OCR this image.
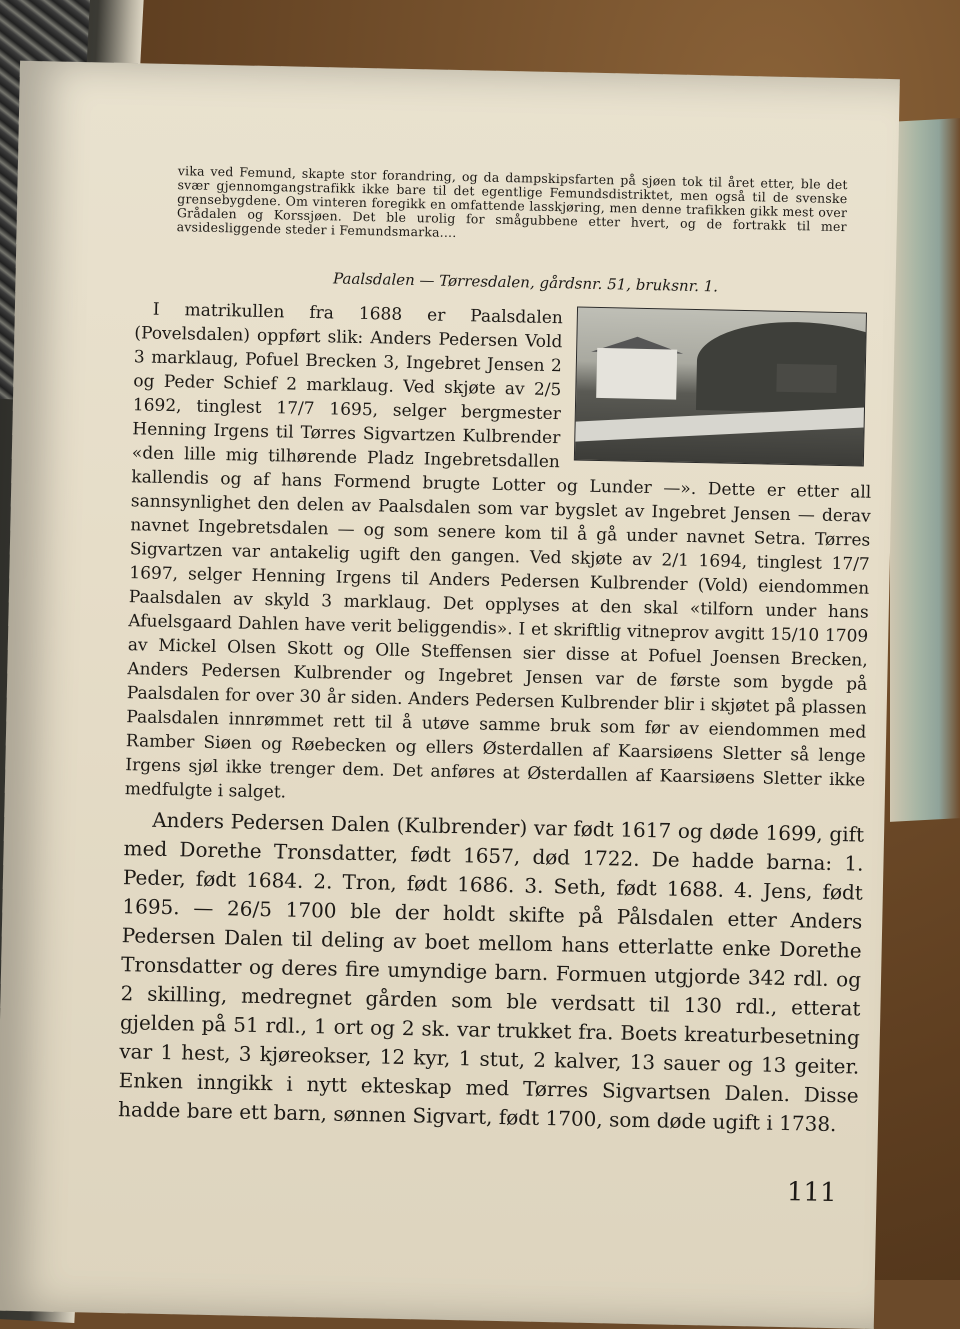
vika ved Femund, skapte stor forandring, og da dampskipsfarten på sjøen tok til året etter, ble det svær gjennomgangstrafikk ikke bare til det egentlige Femundsdistriktet, men også til de svenske grensebygdene. Om vinteren foregikk en omfattende lasskjøring, men denne trafikken gikk mest over Grådalen og Korssjøen. Det ble urolig for smågubbene etter hvert, og de fortrakk til mer avsidesliggende steder i Femundsmarka....

Paalsdalen — Tørresdalen, gårdsnr. 51, bruksnr. 1.

I matrikullen fra 1688 er Paalsdalen (Povelsdalen) oppført slik: Anders Pedersen Vold 3 marklaug, Pofuel Brecken 3, Ingebret Jensen 2 og Peder Schief 2 marklaug. Ved skjøte av 2/5 1692, tinglest 17/7 1695, selger bergmester Henning Irgens til Tørres Sigvartzen Kulbrender «den lille mig tilhørende Pladz Ingebretsdallen kallendis og af hans Formend brugte Lotter og Lunder —». Dette er etter all sannsynlighet den delen av Paalsdalen som var bygslet av Ingebret Jensen — derav navnet Ingebretsdalen — og som senere kom til å gå under navnet Setra. Tørres Sigvartzen var antakelig ugift den gangen. Ved skjøte av 2/1 1694, tinglest 17/7 1697, selger Henning Irgens til Anders Pedersen Kulbrender (Vold) eiendommen Paalsdalen av skyld 3 marklaug. Det opplyses at den skal «tilforn under hans Afuelsgaard Dahlen have verit beliggendis». I et skriftlig vitneprov avgitt 15/10 1709 av Mickel Olsen Skott og Olle Steffensen sier disse at Pofuel Joensen Brecken, Anders Pedersen Kulbrender og Ingebret Jensen var de første som bygde på Paalsdalen for over 30 år siden. Anders Pedersen Kulbrender blir i skjøtet på plassen Paalsdalen innrømmet rett til å utøve samme bruk som før av eiendommen med Ramber Siøen og Røebecken og ellers Østerdallen af Kaarsiøens Sletter så lenge Irgens sjøl ikke trenger dem. Det anføres at Østerdallen af Kaarsiøens Sletter ikke medfulgte i salget.

Anders Pedersen Dalen (Kulbrender) var født 1617 og døde 1699, gift med Dorethe Tronsdatter, født 1657, død 1722. De hadde barna: 1. Peder, født 1684. 2. Tron, født 1686. 3. Seth, født 1688. 4. Jens, født 1695. — 26/5 1700 ble der holdt skifte på Pålsdalen etter Anders Pedersen Dalen til deling av boet mellom hans etterlatte enke Dorethe Tronsdatter og deres fire umyndige barn. Formuen utgjorde 342 rdl. og 2 skilling, medregnet gården som ble verdsatt til 130 rdl., etterat gjelden på 51 rdl., 1 ort og 2 sk. var trukket fra. Boets kreaturbesetning var 1 hest, 3 kjøreokser, 12 kyr, 1 stut, 2 kalver, 13 sauer og 13 geiter. Enken inngikk i nytt ekteskap med Tørres Sigvartsen Dalen. Disse hadde bare ett barn, sønnen Sigvart, født 1700, som døde ugift i 1738.

111
